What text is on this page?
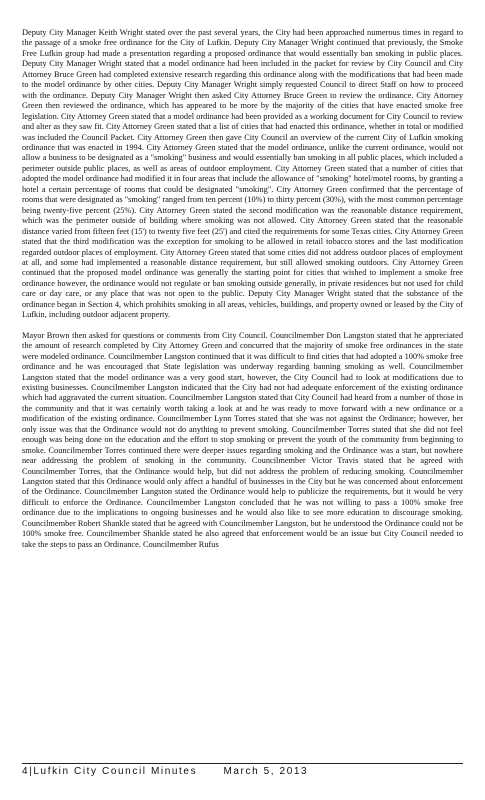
Deputy City Manager Keith Wright stated over the past several years, the City had been approached numerous times in regard to the passage of a smoke free ordinance for the City of Lufkin. Deputy City Manager Wright continued that previously, the Smoke Free Lufkin group had made a presentation regarding a proposed ordinance that would essentially ban smoking in public places. Deputy City Manager Wright stated that a model ordinance had been included in the packet for review by City Council and City Attorney Bruce Green had completed extensive research regarding this ordinance along with the modifications that had been made to the model ordinance by other cities. Deputy City Manager Wright simply requested Council to direct Staff on how to proceed with the ordinance. Deputy City Manager Wright then asked City Attorney Bruce Green to review the ordinance. City Attorney Green then reviewed the ordinance, which has appeared to be more by the majority of the cities that have enacted smoke free legislation. City Attorney Green stated that a model ordinance had been provided as a working document for City Council to review and alter as they saw fit. City Attorney Green stated that a list of cities that had enacted this ordinance, whether in total or modified was included the Council Packet. City Attorney Green then gave City Council an overview of the current City of Lufkin smoking ordinance that was enacted in 1994. City Attorney Green stated that the model ordinance, unlike the current ordinance, would not allow a business to be designated as a "smoking" business and would essentially ban smoking in all public places, which included a perimeter outside public places, as well as areas of outdoor employment. City Attorney Green stated that a number of cities that adopted the model ordinance had modified it in four areas that include the allowance of "smoking" hotel/motel rooms, by granting a hotel a certain percentage of rooms that could be designated "smoking". City Attorney Green confirmed that the percentage of rooms that were designated as "smoking" ranged from ten percent (10%) to thirty percent (30%), with the most common percentage being twenty-five percent (25%). City Attorney Green stated the second modification was the reasonable distance requirement, which was the perimeter outside of building where smoking was not allowed. City Attorney Green stated that the reasonable distance varied from fifteen feet (15') to twenty five feet (25') and cited the requirements for some Texas cities. City Attorney Green stated that the third modification was the exception for smoking to be allowed in retail tobacco stores and the last modification regarded outdoor places of employment. City Attorney Green stated that some cities did not address outdoor places of employment at all, and some had implemented a reasonable distance requirement, but still allowed smoking outdoors. City Attorney Green continued that the proposed model ordinance was generally the starting point for cities that wished to implement a smoke free ordinance however, the ordinance would not regulate or ban smoking outside generally, in private residences but not used for child care or day care, or any place that was not open to the public. Deputy City Manager Wright stated that the substance of the ordinance began in Section 4, which prohibits smoking in all areas, vehicles, buildings, and property owned or leased by the City of Lufkin, including outdoor adjacent property.

Mayor Brown then asked for questions or comments from City Council. Councilmember Don Langston stated that he appreciated the amount of research completed by City Attorney Green and concurred that the majority of smoke free ordinances in the state were modeled ordinance. Councilmember Langston continued that it was difficult to find cities that had adopted a 100% smoke free ordinance and he was encouraged that State legislation was underway regarding banning smoking as well. Councilmember Langston stated that the model ordinance was a very good start, however, the City Council had to look at modifications due to existing businesses. Councilmember Langston indicated that the City had not had adequate enforcement of the existing ordinance which had aggravated the current situation. Councilmember Langston stated that City Council had heard from a number of those in the community and that it was certainly worth taking a look at and he was ready to move forward with a new ordinance or a modification of the existing ordinance. Councilmember Lynn Torres stated that she was not against the Ordinance; however, her only issue was that the Ordinance would not do anything to prevent smoking. Councilmember Torres stated that she did not feel enough was being done on the education and the effort to stop smoking or prevent the youth of the community from beginning to smoke. Councilmember Torres continued there were deeper issues regarding smoking and the Ordinance was a start, but nowhere near addressing the problem of smoking in the community. Councilmember Victor Travis stated that he agreed with Councilmember Torres, that the Ordinance would help, but did not address the problem of reducing smoking. Councilmember Langston stated that this Ordinance would only affect a handful of businesses in the City but he was concerned about enforcement of the Ordinance. Councilmember Langston stated the Ordinance would help to publicize the requirements, but it would be very difficult to enforce the Ordinance. Councilmember Langston concluded that he was not willing to pass a 100% smoke free ordinance due to the implications to ongoing businesses and he would also like to see more education to discourage smoking. Councilmember Robert Shankle stated that he agreed with Councilmember Langston, but he understood the Ordinance could not be 100% smoke free. Councilmember Shankle stated he also agreed that enforcement would be an issue but City Council needed to take the steps to pass an Ordinance. Councilmember Rufus

4|Lufkin City Council Minutes	March 5, 2013
